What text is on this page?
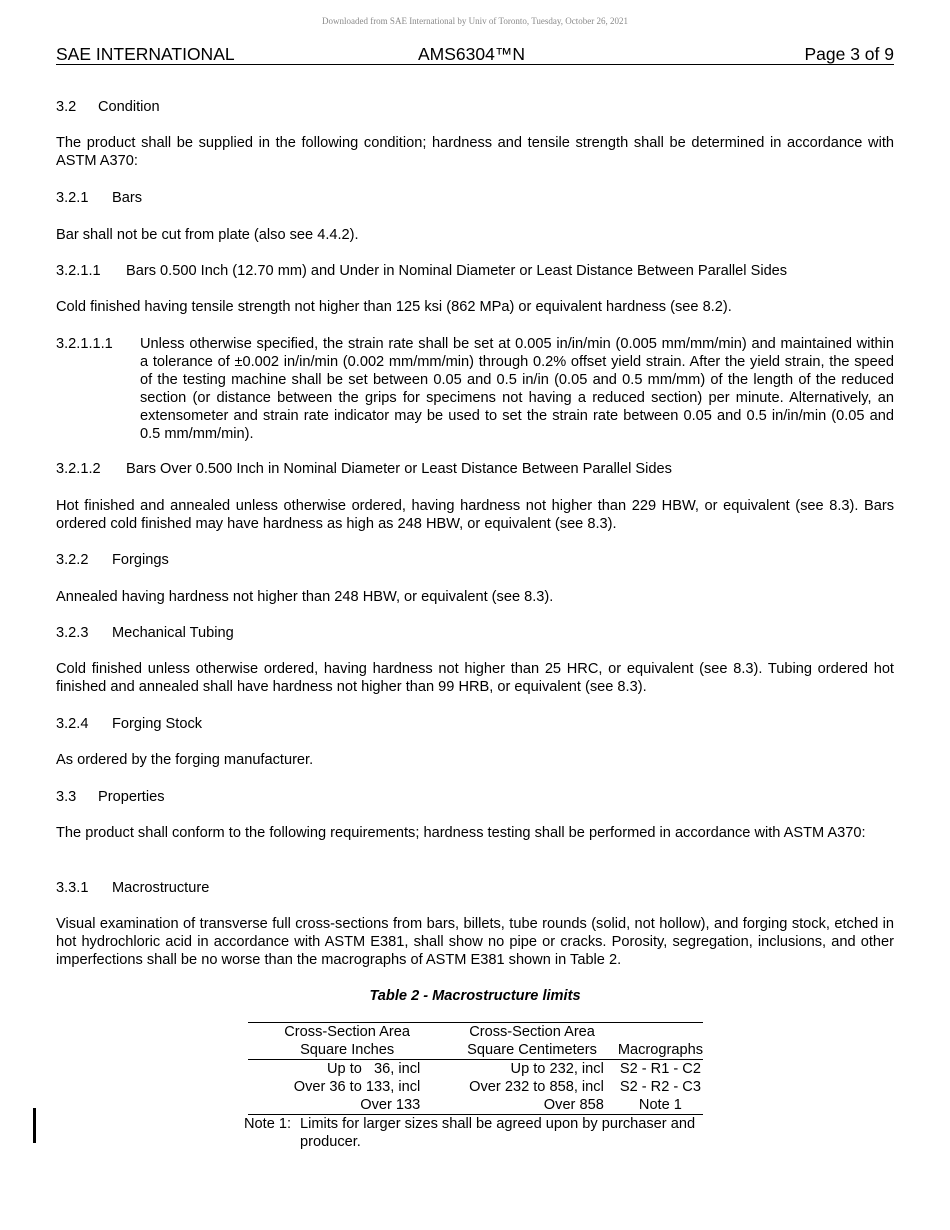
Downloaded from SAE International by Univ of Toronto, Tuesday, October 26, 2021
SAE INTERNATIONAL	AMS6304™N	Page 3 of 9
3.2 Condition
The product shall be supplied in the following condition; hardness and tensile strength shall be determined in accordance with ASTM A370:
3.2.1 Bars
Bar shall not be cut from plate (also see 4.4.2).
3.2.1.1 Bars 0.500 Inch (12.70 mm) and Under in Nominal Diameter or Least Distance Between Parallel Sides
Cold finished having tensile strength not higher than 125 ksi (862 MPa) or equivalent hardness (see 8.2).
3.2.1.1.1 Unless otherwise specified, the strain rate shall be set at 0.005 in/in/min (0.005 mm/mm/min) and maintained within a tolerance of ±0.002 in/in/min (0.002 mm/mm/min) through 0.2% offset yield strain. After the yield strain, the speed of the testing machine shall be set between 0.05 and 0.5 in/in (0.05 and 0.5 mm/mm) of the length of the reduced section (or distance between the grips for specimens not having a reduced section) per minute. Alternatively, an extensometer and strain rate indicator may be used to set the strain rate between 0.05 and 0.5 in/in/min (0.05 and 0.5 mm/mm/min).
3.2.1.2 Bars Over 0.500 Inch in Nominal Diameter or Least Distance Between Parallel Sides
Hot finished and annealed unless otherwise ordered, having hardness not higher than 229 HBW, or equivalent (see 8.3). Bars ordered cold finished may have hardness as high as 248 HBW, or equivalent (see 8.3).
3.2.2 Forgings
Annealed having hardness not higher than 248 HBW, or equivalent (see 8.3).
3.2.3 Mechanical Tubing
Cold finished unless otherwise ordered, having hardness not higher than 25 HRC, or equivalent (see 8.3). Tubing ordered hot finished and annealed shall have hardness not higher than 99 HRB, or equivalent (see 8.3).
3.2.4 Forging Stock
As ordered by the forging manufacturer.
3.3 Properties
The product shall conform to the following requirements; hardness testing shall be performed in accordance with ASTM A370:
3.3.1 Macrostructure
Visual examination of transverse full cross-sections from bars, billets, tube rounds (solid, not hollow), and forging stock, etched in hot hydrochloric acid in accordance with ASTM E381, shall show no pipe or cracks. Porosity, segregation, inclusions, and other imperfections shall be no worse than the macrographs of ASTM E381 shown in Table 2.
Table 2 - Macrostructure limits
Cross-Section Area	Cross-Section Area	
Square Inches	Square Centimeters	Macrographs
Up to   36, incl	Up to 232, incl	S2 - R1 - C2
Over 36 to 133, incl	Over 232 to 858, incl	S2 - R2 - C3
Over 133	Over 858	Note 1
Note 1: Limits for larger sizes shall be agreed upon by purchaser and producer.
